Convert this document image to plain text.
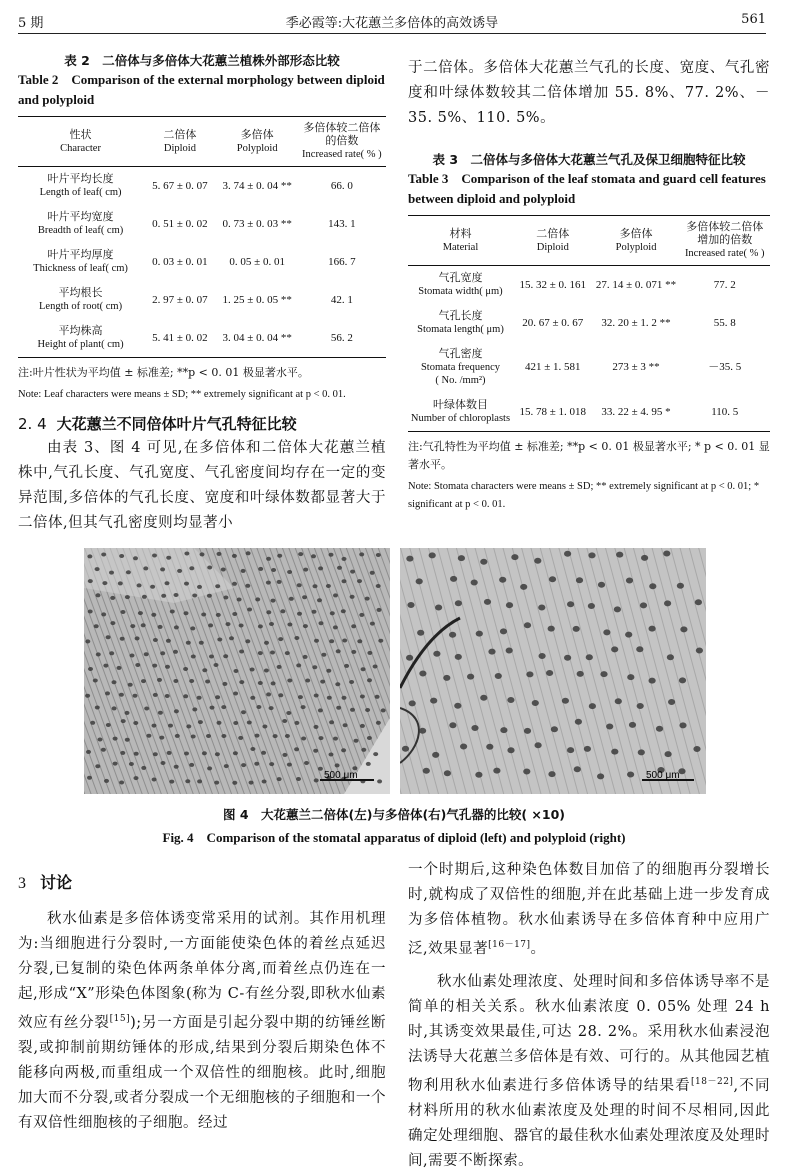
5 期	季必霞等:大花蕙兰多倍体的高效诱导	561
表 2　二倍体与多倍体大花蕙兰植株外部形态比较
Table 2　Comparison of the external morphology between diploid and polyploid
性状
Character	二倍体
Diploid	多倍体
Polyploid	多倍体较二倍体的倍数
Increased rate( % )
叶片平均长度
Length of leaf( cm)	5. 67 ± 0. 07	3. 74 ± 0. 04 **	66. 0
叶片平均宽度
Breadth of leaf( cm)	0. 51 ± 0. 02	0. 73 ± 0. 03 **	143. 1
叶片平均厚度
Thickness of leaf( cm)	0. 03 ± 0. 01	0. 05 ± 0. 01	166. 7
平均根长
Length of root( cm)	2. 97 ± 0. 07	1. 25 ± 0. 05 **	42. 1
平均株高
Height of plant( cm)	5. 41 ± 0. 02	3. 04 ± 0. 04 **	56. 2
注:叶片性状为平均值 ± 标准差; **p < 0. 01 极显著水平。
Note: Leaf characters were means ± SD; ** extremely significant at p < 0. 01.
2. 4 大花蕙兰不同倍体叶片气孔特征比较

由表 3、图 4 可见,在多倍体和二倍体大花蕙兰植株中,气孔长度、气孔宽度、气孔密度间均存在一定的变异范围,多倍体的气孔长度、宽度和叶绿体数都显著大于二倍体,但其气孔密度则均显著小

于二倍体。多倍体大花蕙兰气孔的长度、宽度、气孔密度和叶绿体数较其二倍体增加 55. 8%、77. 2%、－35. 5%、110. 5%。

表 3　二倍体与多倍体大花蕙兰气孔及保卫细胞特征比较
Table 3　Comparison of the leaf stomata and guard cell features between diploid and polyploid
材料
Material	二倍体
Diploid	多倍体
Polyploid	多倍体较二倍体增加的倍数
Increased rate( % )
气孔宽度
Stomata width( μm)	15. 32 ± 0. 161	27. 14 ± 0. 071 **	77. 2
气孔长度
Stomata length( μm)	20. 67 ± 0. 67	32. 20 ± 1. 2 **	55. 8
气孔密度
Stomata frequency
( No. /mm²)	421 ± 1. 581	273 ± 3 **	－35. 5
叶绿体数目
Number of chloroplasts	15. 78 ± 1. 018	33. 22 ± 4. 95 *	110. 5
注:气孔特性为平均值 ± 标准差; **p < 0. 01 极显著水平; * p < 0. 01 显著水平。
Note: Stomata characters were means ± SD; ** extremely significant at p < 0. 01; * significant at p < 0. 01.
500 μm	500 μm
图 4　大花蕙兰二倍体(左)与多倍体(右)气孔器的比较( ×10)
Fig. 4　Comparison of the stomatal apparatus of diploid (left) and polyploid (right)
3 讨论

秋水仙素是多倍体诱变常采用的试剂。其作用机理为:当细胞进行分裂时,一方面能使染色体的着丝点延迟分裂,已复制的染色体两条单体分离,而着丝点仍连在一起,形成“X”形染色体图象(称为 C-有丝分裂,即秋水仙素效应有丝分裂[15]);另一方面是引起分裂中期的纺锤丝断裂,或抑制前期纺锤体的形成,结果到分裂后期染色体不能移向两极,而重组成一个双倍性的细胞核。此时,细胞加大而不分裂,或者分裂成一个无细胞核的子细胞和一个有双倍性细胞核的子细胞。经过

一个时期后,这种染色体数目加倍了的细胞再分裂增长时,就构成了双倍性的细胞,并在此基础上进一步发育成为多倍体植物。秋水仙素诱导在多倍体育种中应用广泛,效果显著[16－17]。

秋水仙素处理浓度、处理时间和多倍体诱导率不是简单的相关关系。秋水仙素浓度 0. 05% 处理 24 h 时,其诱变效果最佳,可达 28. 2%。采用秋水仙素浸泡法诱导大花蕙兰多倍体是有效、可行的。从其他园艺植物利用秋水仙素进行多倍体诱导的结果看[18－22],不同材料所用的秋水仙素浓度及处理的时间不尽相同,因此确定处理细胞、器官的最佳秋水仙素处理浓度及处理时间,需要不断探索。
